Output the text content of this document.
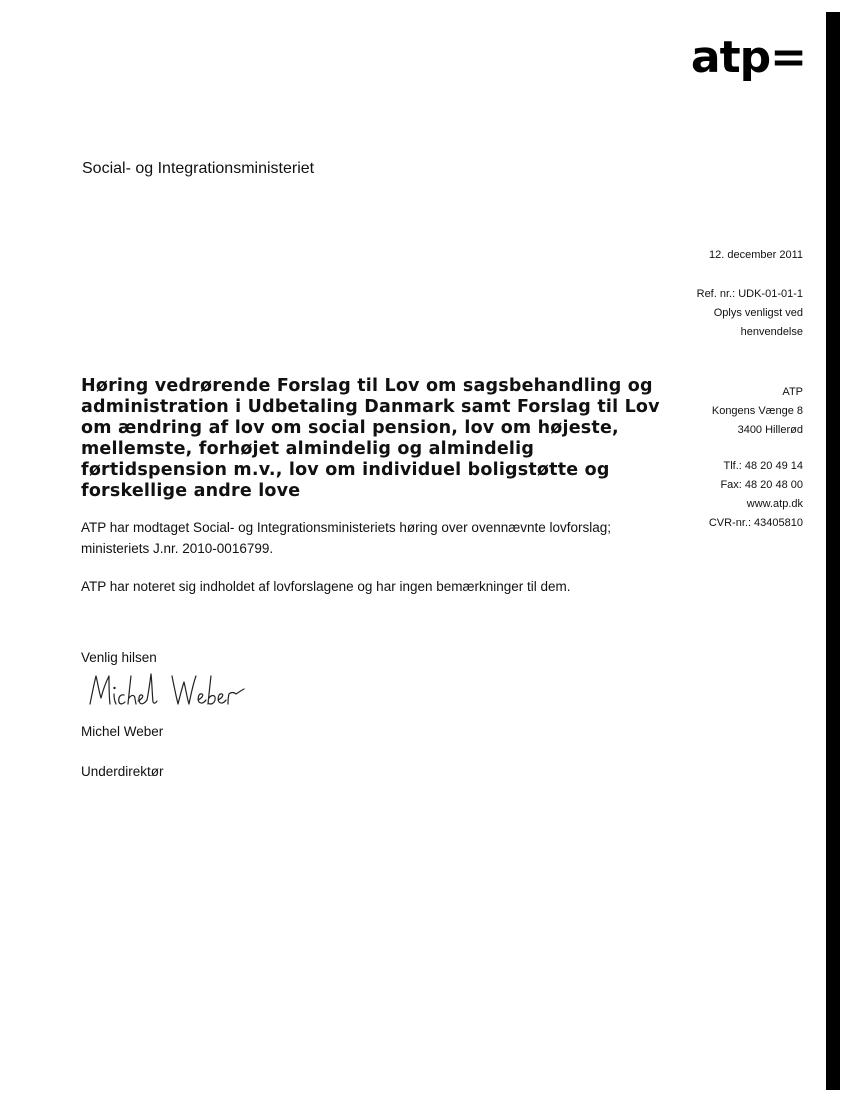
atp=
Social- og Integrationsministeriet
12. december 2011
Ref. nr.: UDK-01-01-1
Oplys venligst ved
henvendelse
ATP
Kongens Vænge 8
3400 Hillerød
Tlf.: 48 20 49 14
Fax: 48 20 48 00
www.atp.dk
CVR-nr.: 43405810
Høring vedrørende Forslag til Lov om sagsbehandling og administration i Udbetaling Danmark samt Forslag til Lov om ændring af lov om social pension, lov om højeste, mellemste, forhøjet almindelig og almindelig førtidspension m.v., lov om individuel boligstøtte og forskellige andre love

ATP har modtaget Social- og Integrationsministeriets høring over ovennævnte lovforslag; ministeriets J.nr. 2010-0016799.

ATP har noteret sig indholdet af lovforslagene og har ingen bemærkninger til dem.

Venlig hilsen
Michel Weber
Underdirektør
